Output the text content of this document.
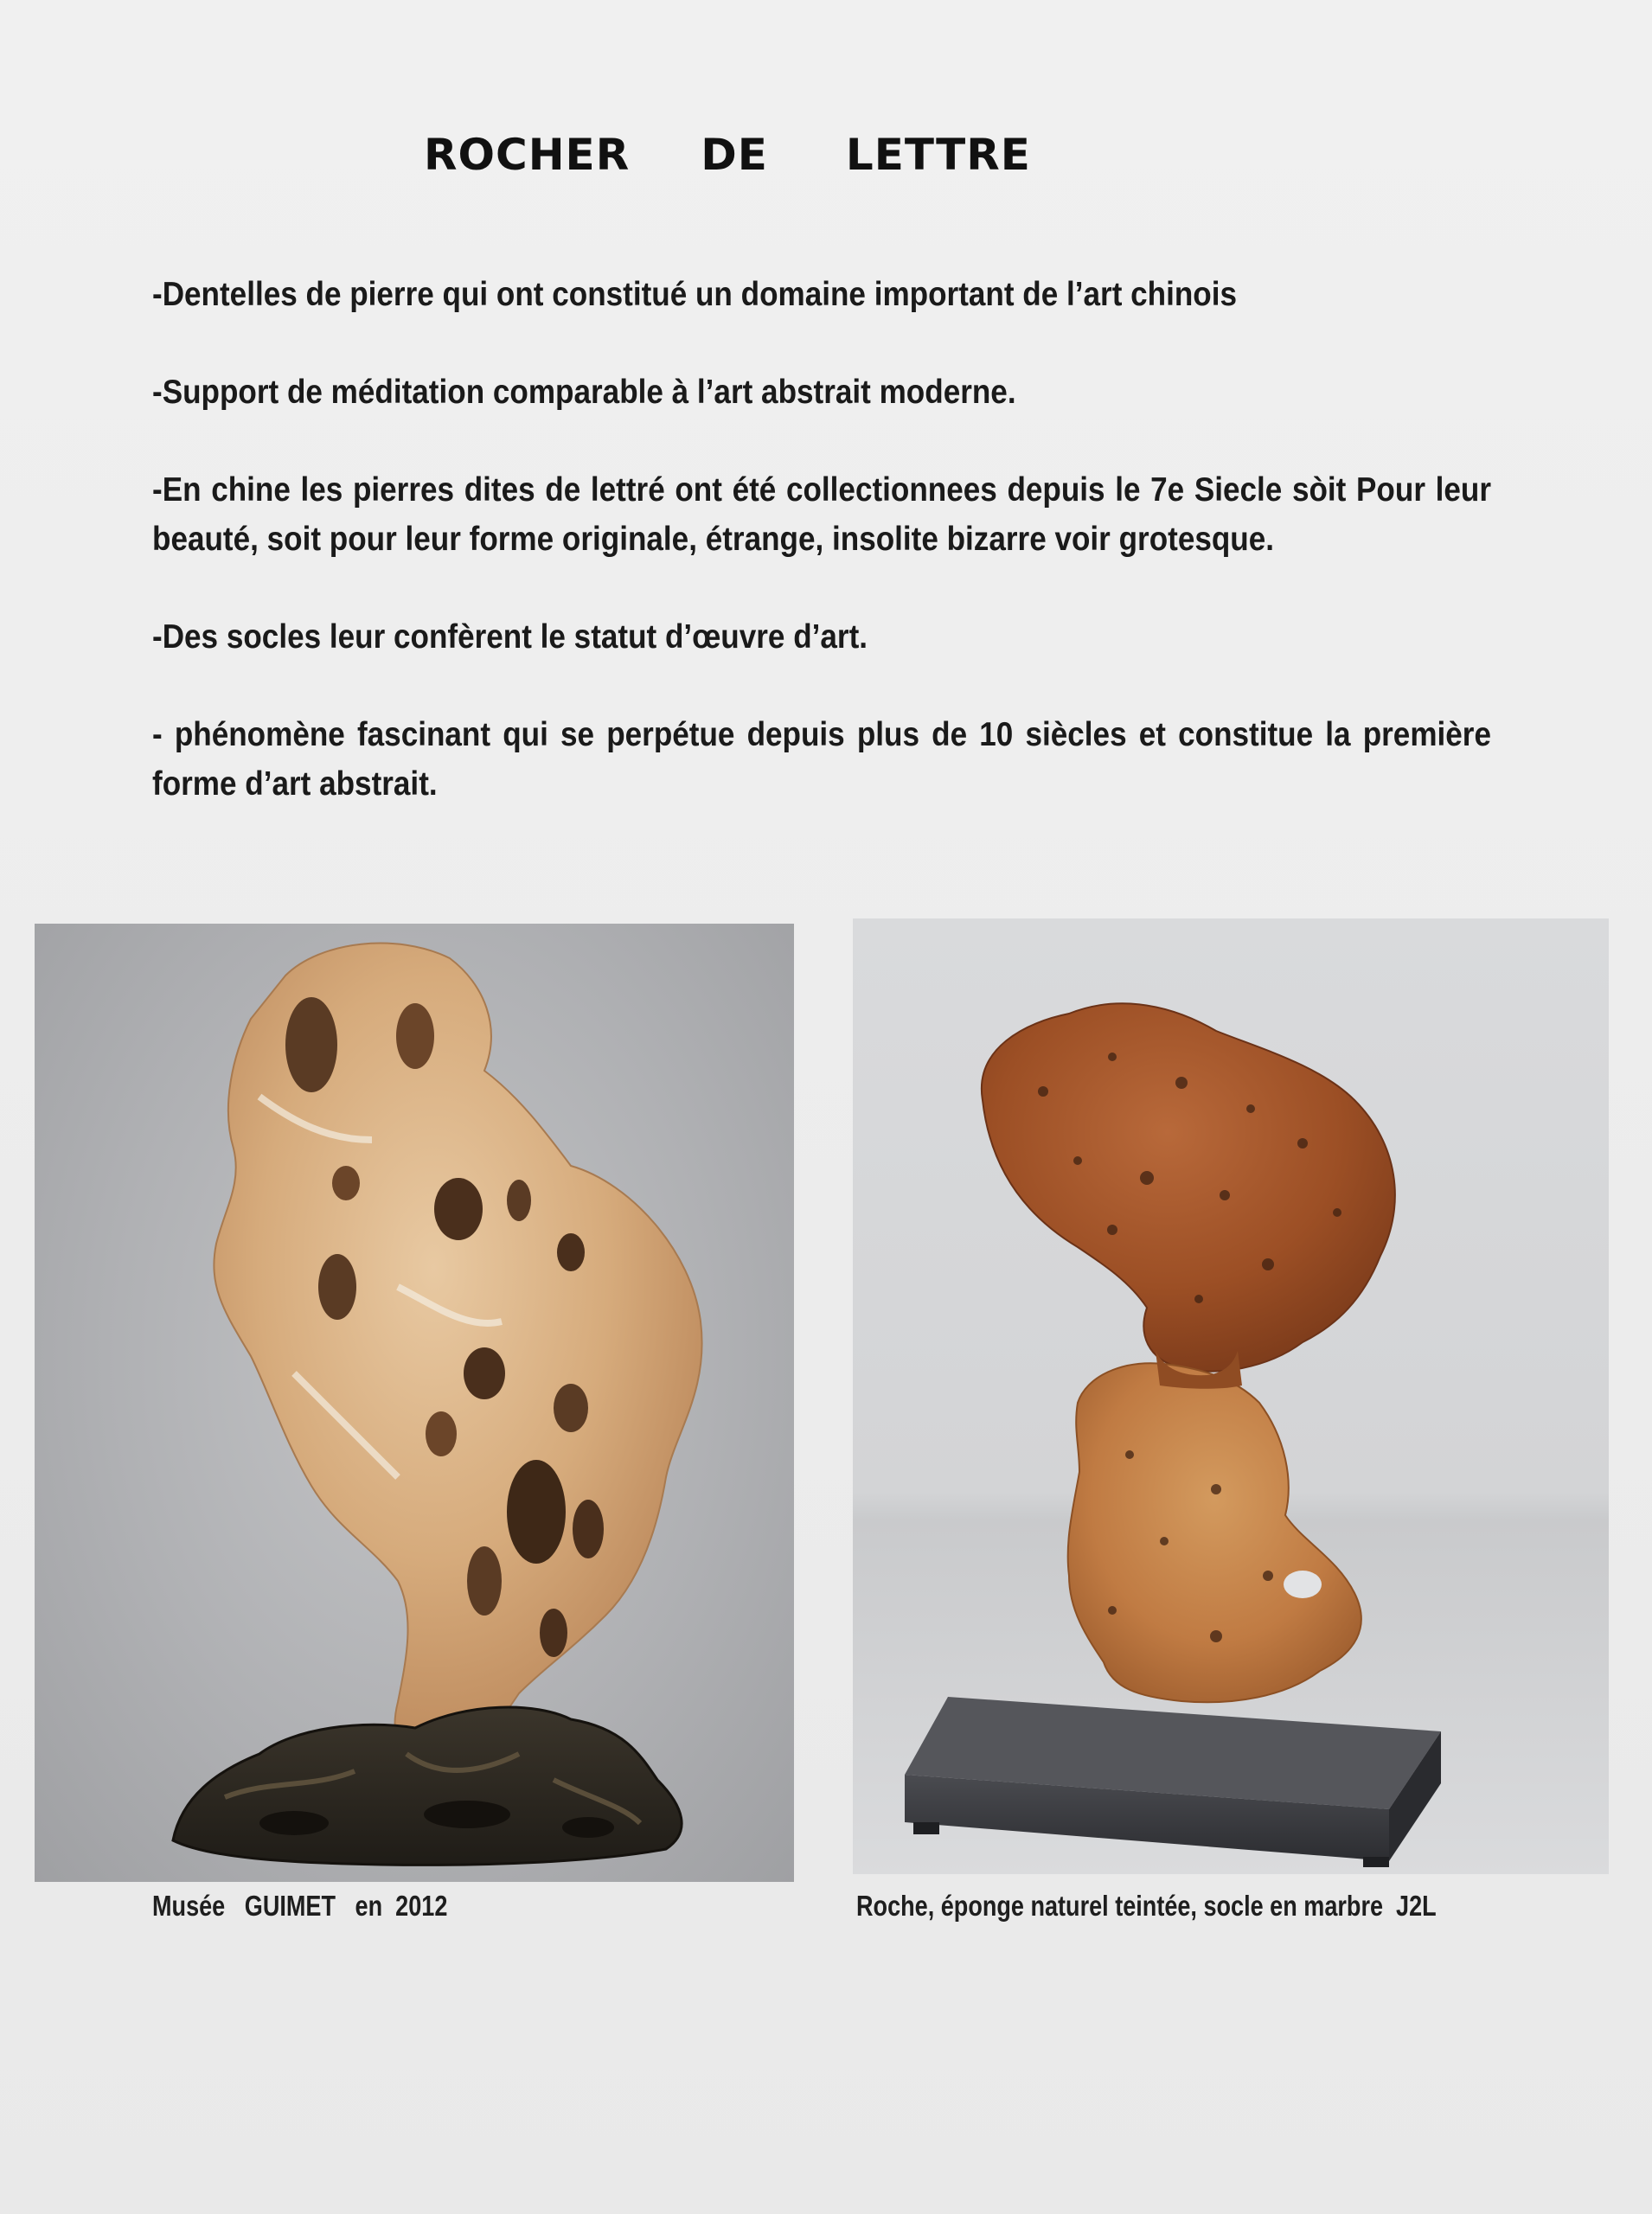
ROCHER DE LETTRE

-Dentelles de pierre qui ont constitué un domaine important de l’art chinois

-Support de méditation comparable à l’art abstrait moderne.

-En chine les pierres dites de lettré ont été collectionnees depuis le 7e Siecle sòit Pour leur beauté, soit pour leur forme originale, étrange, insolite bizarre voir grotesque.

-Des socles leur confèrent le statut d’œuvre d’art.

- phénomène fascinant qui se perpétue depuis plus de 10 siècles et constitue la première forme d’art abstrait.

Musée   GUIMET   en  2012	Roche, éponge naturel teintée, socle en marbre  J2L
